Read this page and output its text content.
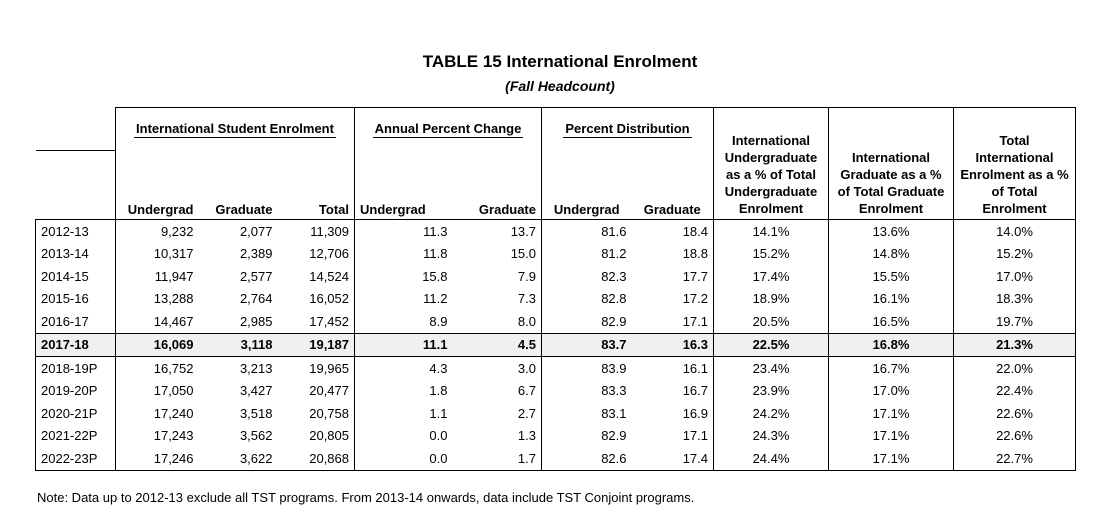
TABLE 15 International Enrolment
(Fall Headcount)
	International Student Enrolment			Annual Percent Change		Percent Distribution		International Undergraduate as a % of Total Undergraduate Enrolment	International Graduate as a % of Total Graduate Enrolment	Total International Enrolment as a % of Total Enrolment
	Undergrad	Graduate	Total	Undergrad	Graduate	Undergrad	Graduate			
2012-13	9,232	2,077	11,309	11.3	13.7	81.6	18.4	14.1%	13.6%	14.0%
2013-14	10,317	2,389	12,706	11.8	15.0	81.2	18.8	15.2%	14.8%	15.2%
2014-15	11,947	2,577	14,524	15.8	7.9	82.3	17.7	17.4%	15.5%	17.0%
2015-16	13,288	2,764	16,052	11.2	7.3	82.8	17.2	18.9%	16.1%	18.3%
2016-17	14,467	2,985	17,452	8.9	8.0	82.9	17.1	20.5%	16.5%	19.7%
2017-18	16,069	3,118	19,187	11.1	4.5	83.7	16.3	22.5%	16.8%	21.3%
2018-19P	16,752	3,213	19,965	4.3	3.0	83.9	16.1	23.4%	16.7%	22.0%
2019-20P	17,050	3,427	20,477	1.8	6.7	83.3	16.7	23.9%	17.0%	22.4%
2020-21P	17,240	3,518	20,758	1.1	2.7	83.1	16.9	24.2%	17.1%	22.6%
2021-22P	17,243	3,562	20,805	0.0	1.3	82.9	17.1	24.3%	17.1%	22.6%
2022-23P	17,246	3,622	20,868	0.0	1.7	82.6	17.4	24.4%	17.1%	22.7%
Note: Data up to 2012-13 exclude all TST programs. From 2013-14 onwards, data include TST Conjoint programs.
